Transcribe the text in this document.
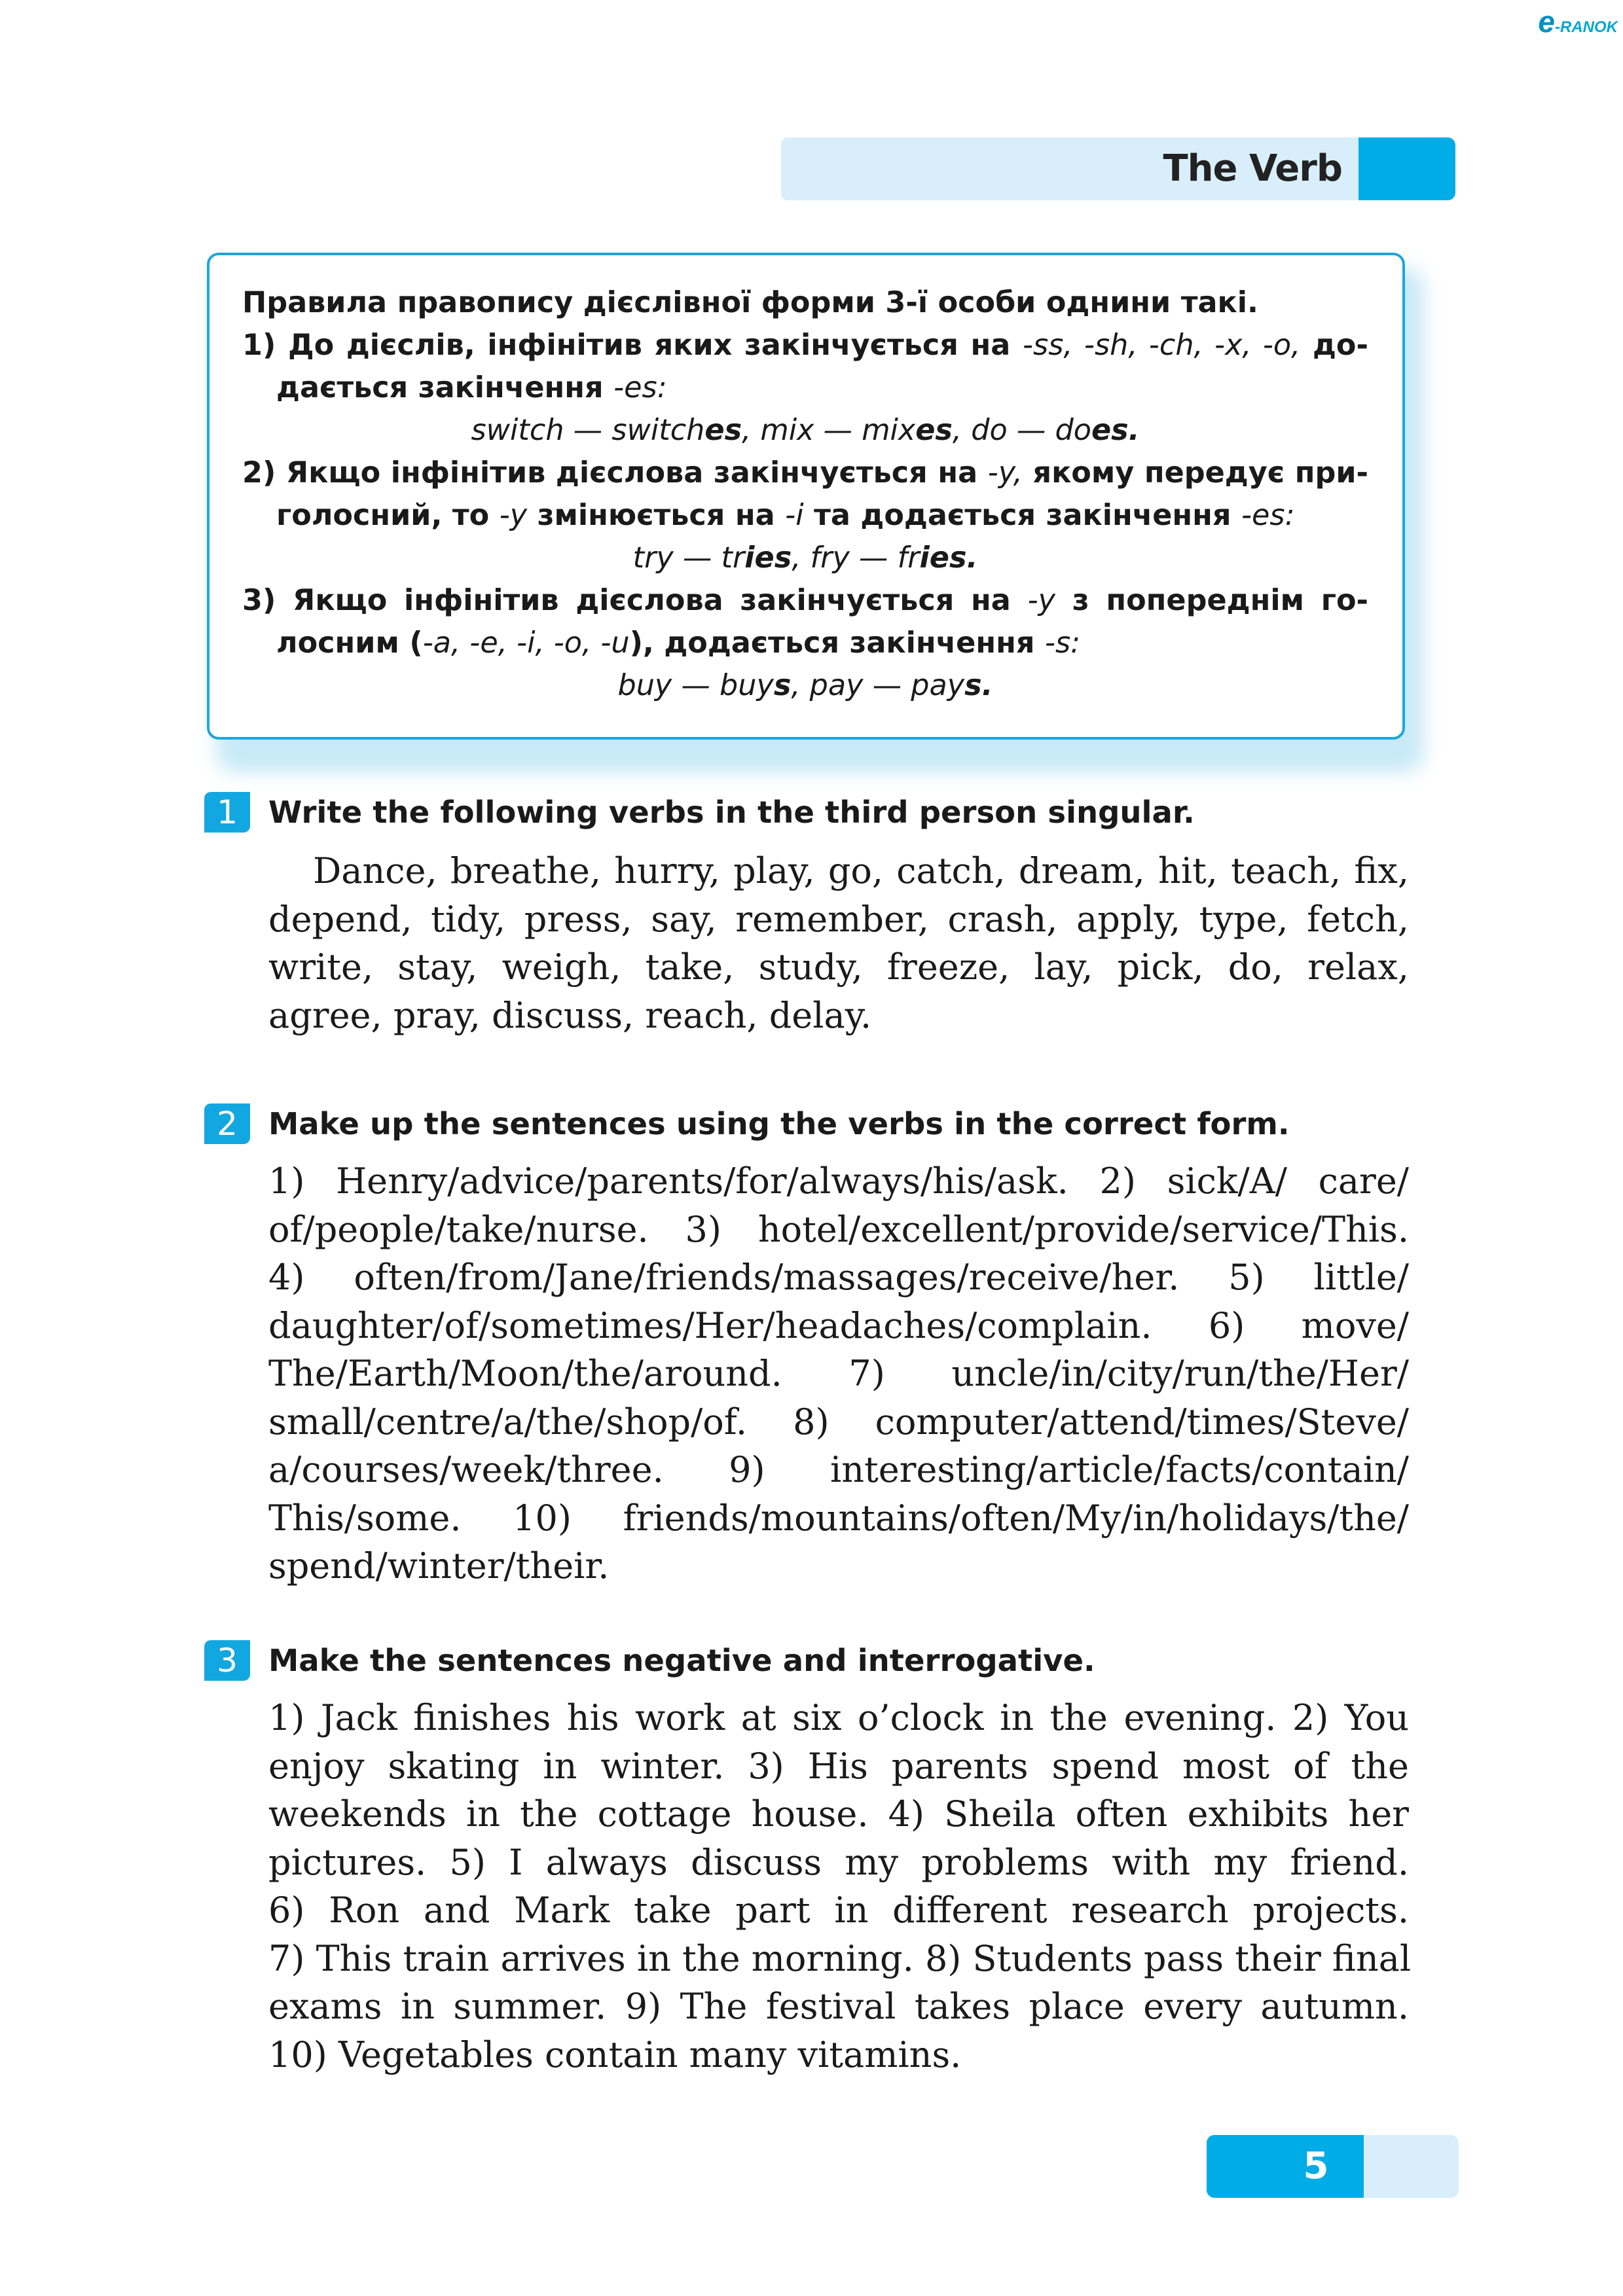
e-RANOK
The Verb
Правила правопису дієслівної форми 3-ї особи однини такі.
1) До дієслів, інфінітив яких закінчується на -ss, -sh, -ch, -x, -o, до-
дається закінчення -es:
switch — switches, mix — mixes, do — does.
2) Якщо інфінітив дієслова закінчується на -y, якому передує при-
голосний, то -y змінюється на -i та додається закінчення -es:
try — tries, fry — fries.
3) Якщо інфінітив дієслова закінчується на -y з попереднім го-
лосним (-a, -e, -i, -o, -u), додається закінчення -s:
buy — buys, pay — pays.
1	Write the following verbs in the third person singular.
Dance, breathe, hurry, play, go, catch, dream, hit, teach, fix,
depend, tidy, press, say, remember, crash, apply, type, fetch,
write, stay, weigh, take, study, freeze, lay, pick, do, relax,
agree, pray, discuss, reach, delay.
2	Make up the sentences using the verbs in the correct form.
1) Henry/advice/parents/for/always/his/ask. 2) sick/A/ care/
of/people/take/nurse. 3) hotel/excellent/provide/service/This.
4) often/from/Jane/friends/massages/receive/her. 5) little/
daughter/of/sometimes/Her/headaches/complain. 6) move/
The/Earth/Moon/the/around. 7) uncle/in/city/run/the/Her/
small/centre/a/the/shop/of. 8) computer/attend/times/Steve/
a/courses/week/three. 9) interesting/article/facts/contain/
This/some. 10) friends/mountains/often/My/in/holidays/the/
spend/winter/their.
3	Make the sentences negative and interrogative.
1) Jack finishes his work at six o’clock in the evening. 2) You
enjoy skating in winter. 3) His parents spend most of the
weekends in the cottage house. 4) Sheila often exhibits her
pictures. 5) I always discuss my problems with my friend.
6) Ron and Mark take part in different research projects.
7) This train arrives in the morning. 8) Students pass their final
exams in summer. 9) The festival takes place every autumn.
10) Vegetables contain many vitamins.
5
